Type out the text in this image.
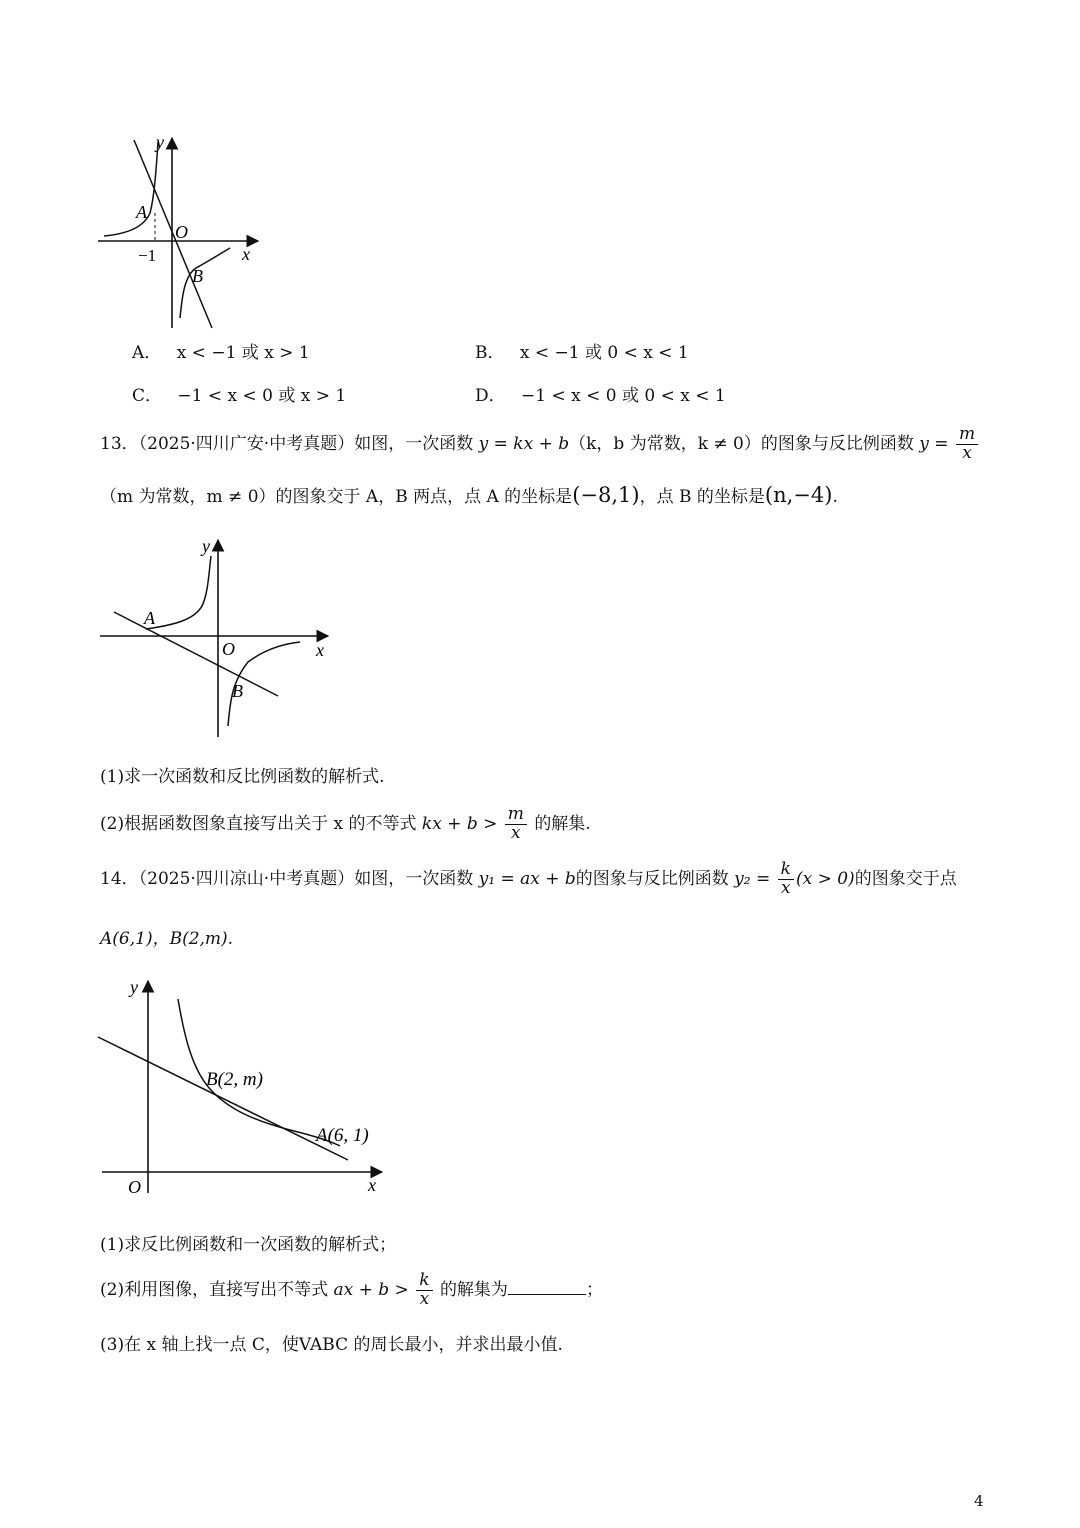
y
A
O
x
−1
B
A． x < −1 或 x > 1	B． x < −1 或 0 < x < 1
C． −1 < x < 0 或 x > 1	D． −1 < x < 0 或 0 < x < 1
13．（2025·四川广安·中考真题）如图，一次函数 y = kx + b（k，b 为常数，k ≠ 0）的图象与反比例函数 $y = \frac{m}{x}$
（m 为常数，m ≠ 0）的图象交于 A，B 两点，点 A 的坐标是(−8,1)，点 B 的坐标是(n,−4).
y
A
O	x
B
(1)求一次函数和反比例函数的解析式.
(2)根据函数图象直接写出关于 x 的不等式 kx + $b > \frac{m}{x}$ 的解集.
14．（2025·四川凉山·中考真题）如图，一次函数 y₁ = ax + b的图象与反比例函数 $y_2 = \frac{k}{x} (x > 0)$的图象交于点
A(6,1)，B(2,m).
y
B(2, m)
A(6, 1)
O	x
(1)求反比例函数和一次函数的解析式；
(2)利用图像，直接写出不等式 ax + $b > \frac{k}{x}$ 的解集为	；
(3)在 x 轴上找一点 C，使VABC 的周长最小，并求出最小值.
4
